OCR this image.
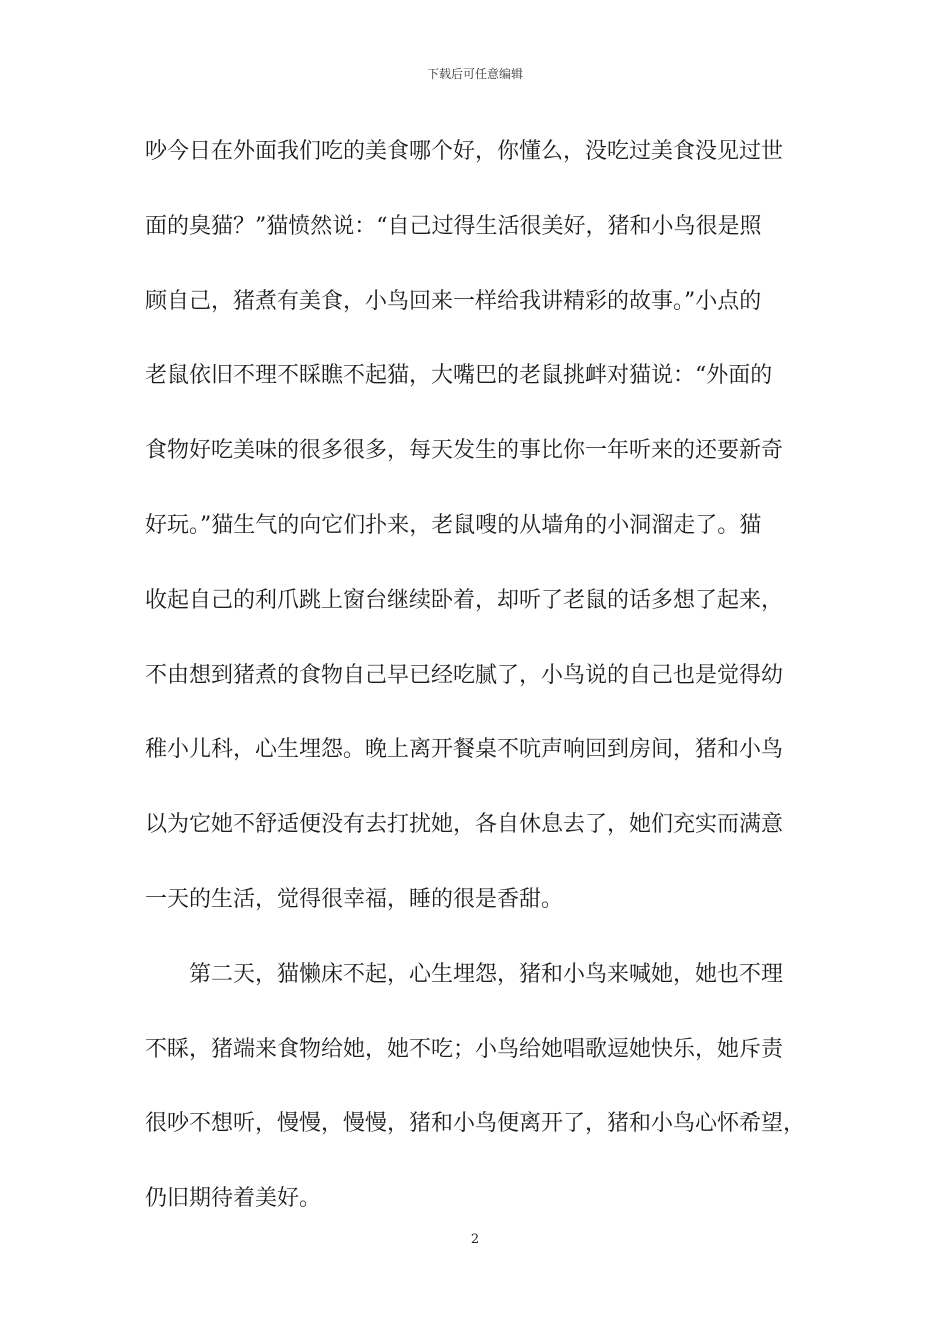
下载后可任意编辑
吵今日在外面我们吃的美食哪个好，你懂么，没吃过美食没见过世
面的臭猫？”猫愤然说：“自己过得生活很美好，猪和小鸟很是照
顾自己，猪煮有美食，小鸟回来一样给我讲精彩的故事。”小点的
老鼠依旧不理不睬瞧不起猫，大嘴巴的老鼠挑衅对猫说：“外面的
食物好吃美味的很多很多，每天发生的事比你一年听来的还要新奇
好玩。”猫生气的向它们扑来，老鼠嗖的从墙角的小洞溜走了。猫
收起自己的利爪跳上窗台继续卧着，却听了老鼠的话多想了起来，
不由想到猪煮的食物自己早已经吃腻了，小鸟说的自己也是觉得幼
稚小儿科，心生埋怨。晚上离开餐桌不吭声响回到房间，猪和小鸟
以为它她不舒适便没有去打扰她，各自休息去了，她们充实而满意
一天的生活，觉得很幸福，睡的很是香甜。
第二天，猫懒床不起，心生埋怨，猪和小鸟来喊她，她也不理
不睬，猪端来食物给她，她不吃；小鸟给她唱歌逗她快乐，她斥责
很吵不想听，慢慢，慢慢，猪和小鸟便离开了，猪和小鸟心怀希望，
仍旧期待着美好。
2
